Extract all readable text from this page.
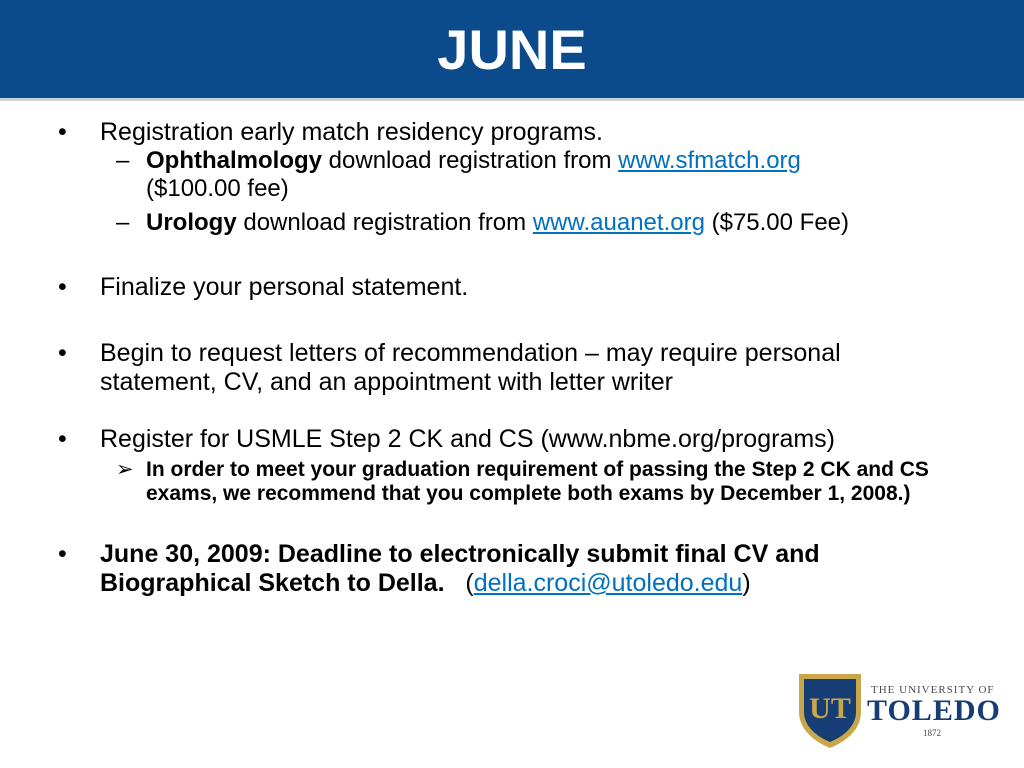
JUNE
• Registration early match residency programs.
– Ophthalmology download registration from www.sfmatch.org
($100.00 fee)
– Urology download registration from www.auanet.org ($75.00 Fee)
• Finalize your personal statement.
• Begin to request letters of recommendation – may require personal statement, CV, and an appointment with letter writer
• Register for USMLE Step 2 CK and CS (www.nbme.org/programs)
➢ In order to meet your graduation requirement of passing the Step 2 CK and CS exams, we recommend that you complete both exams by December 1, 2008.)
• June 30, 2009: Deadline to electronically submit final CV and Biographical Sketch to Della.   (della.croci@utoledo.edu)
UT
THE UNIVERSITY OF
TOLEDO
1872
